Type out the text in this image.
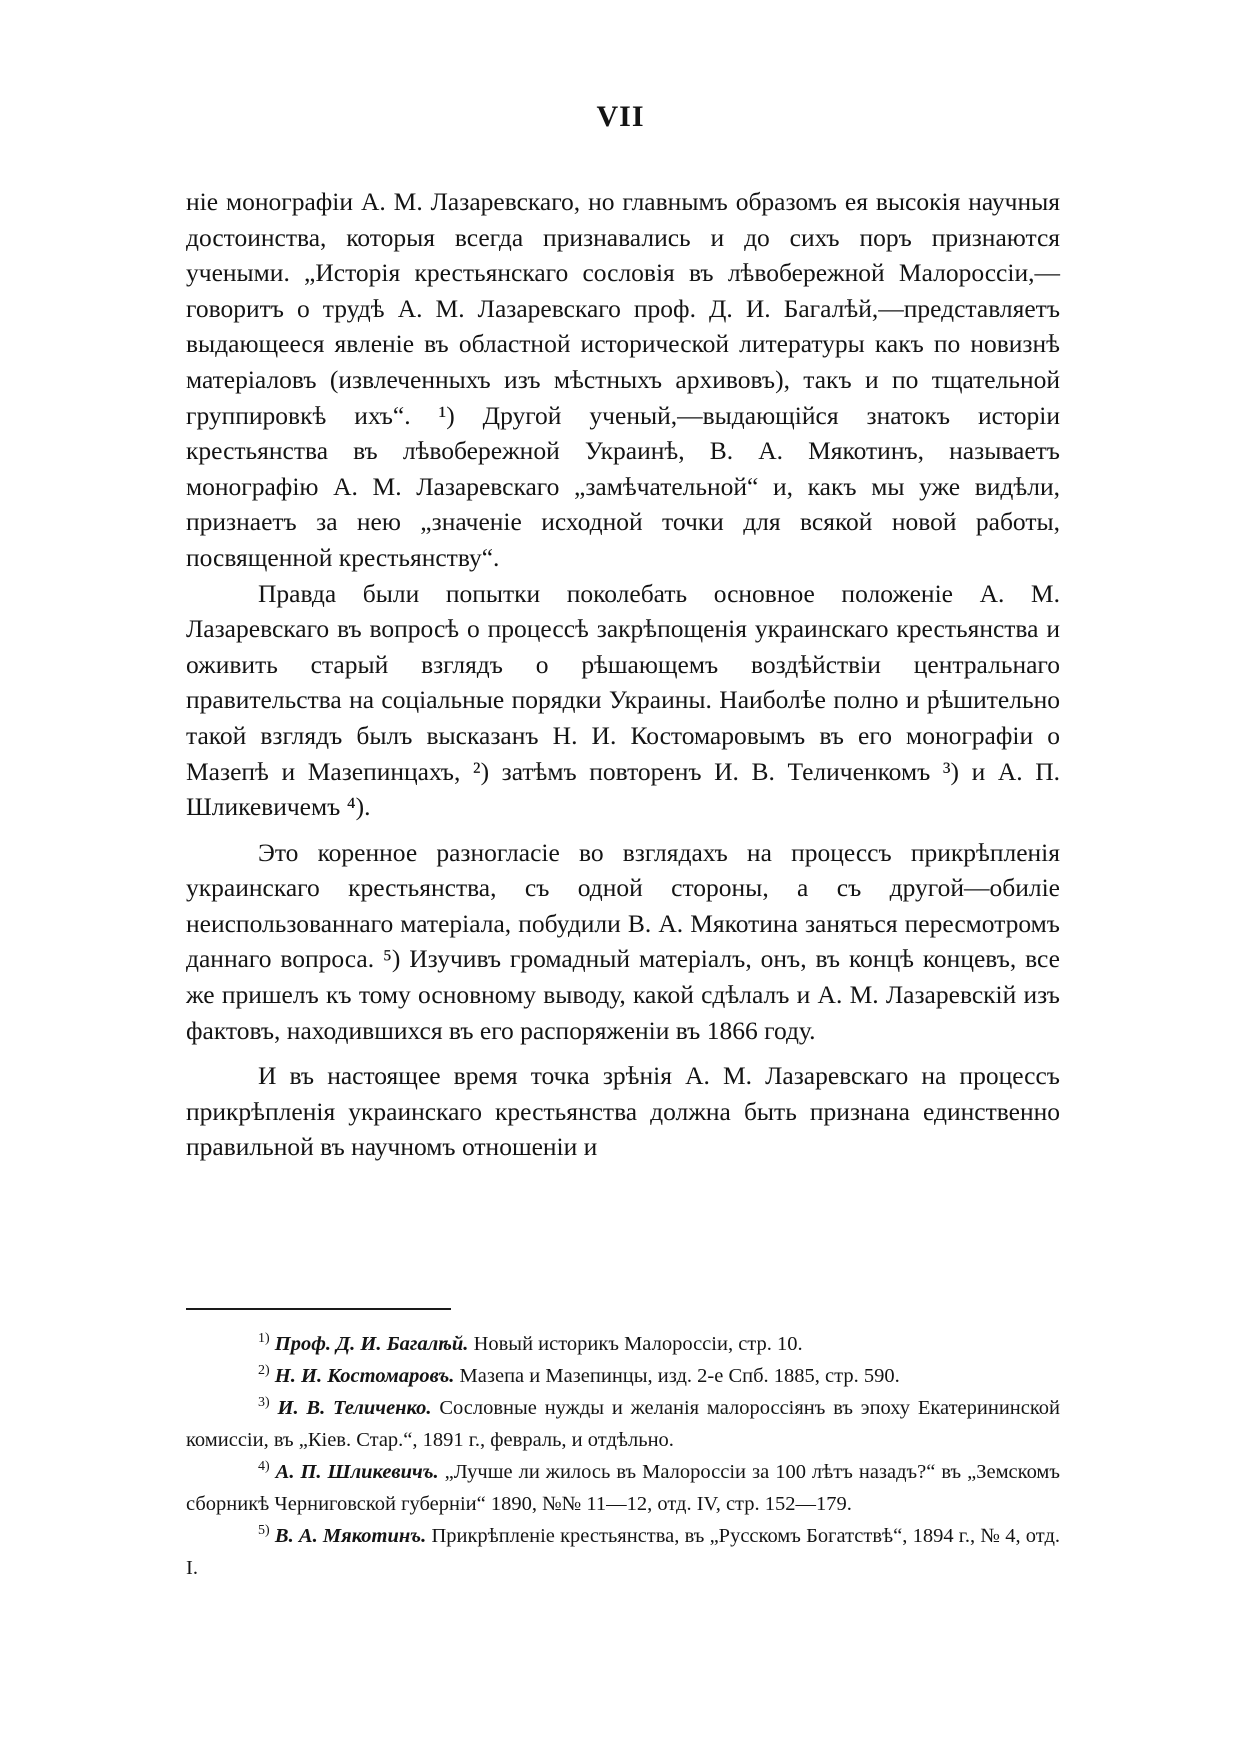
VII

ніе монографіи А. М. Лазаревскаго, но главнымъ образомъ ея высокія научныя достоинства, которыя всегда признавались и до сихъ поръ признаются учеными. „Исторія крестьянскаго сословія въ лѣвобережной Малороссіи,—говоритъ о трудѣ А. М. Лазаревскаго проф. Д. И. Багалѣй,—представляетъ выдающееся явленіе въ областной исторической литературы какъ по новизнѣ матеріаловъ (извлеченныхъ изъ мѣстныхъ архивовъ), такъ и по тщательной группировкѣ ихъ“. ¹) Другой ученый,—выдающійся знатокъ исторіи крестьянства въ лѣвобережной Украинѣ, В. А. Мякотинъ, называетъ монографію А. М. Лазаревскаго „замѣчательной“ и, какъ мы уже видѣли, признаетъ за нею „значеніе исходной точки для всякой новой работы, посвященной крестьянству“.

Правда были попытки поколебать основное положеніе А. М. Лазаревскаго въ вопросѣ о процессѣ закрѣпощенія украинскаго крестьянства и оживить старый взглядъ о рѣшающемъ воздѣйствіи центральнаго правительства на соціальные порядки Украины. Наиболѣе полно и рѣшительно такой взглядъ былъ высказанъ Н. И. Костомаровымъ въ его монографіи о Мазепѣ и Мазепинцахъ, ²) затѣмъ повторенъ И. В. Теличенкомъ ³) и А. П. Шликевичемъ ⁴).

Это коренное разногласіе во взглядахъ на процессъ прикрѣпленія украинскаго крестьянства, съ одной стороны, а съ другой—обиліе неиспользованнаго матеріала, побудили В. А. Мякотина заняться пересмотромъ даннаго вопроса. ⁵) Изучивъ громадный матеріалъ, онъ, въ концѣ концевъ, все же пришелъ къ тому основному выводу, какой сдѣлалъ и А. М. Лазаревскій изъ фактовъ, находившихся въ его распоряженіи въ 1866 году.

И въ настоящее время точка зрѣнія А. М. Лазаревскаго на процессъ прикрѣпленія украинскаго крестьянства должна быть признана единственно правильной въ научномъ отношеніи и

$^{1)}$ Проф. Д. И. Багалѣй. Новый историкъ Малороссіи, стр. 10.

$^{2)}$ Н. И. Костомаровъ. Мазепа и Мазепинцы, изд. 2-е Спб. 1885, стр. 590.

$^{3)}$ И. В. Теличенко. Сословные нужды и желанія малороссіянъ въ эпоху Екатерининской комиссіи, въ „Кіев. Стар.“, 1891 г., февраль, и отдѣльно.

$^{4)}$ А. П. Шликевичъ. „Лучше ли жилось въ Малороссіи за 100 лѣтъ назадъ?“ въ „Земскомъ сборникѣ Черниговской губерніи“ 1890, №№ 11—12, отд. IV, стр. 152—179.

$^{5)}$ В. А. Мякотинъ. Прикрѣпленіе крестьянства, въ „Русскомъ Богатствѣ“, 1894 г., № 4, отд. I.
